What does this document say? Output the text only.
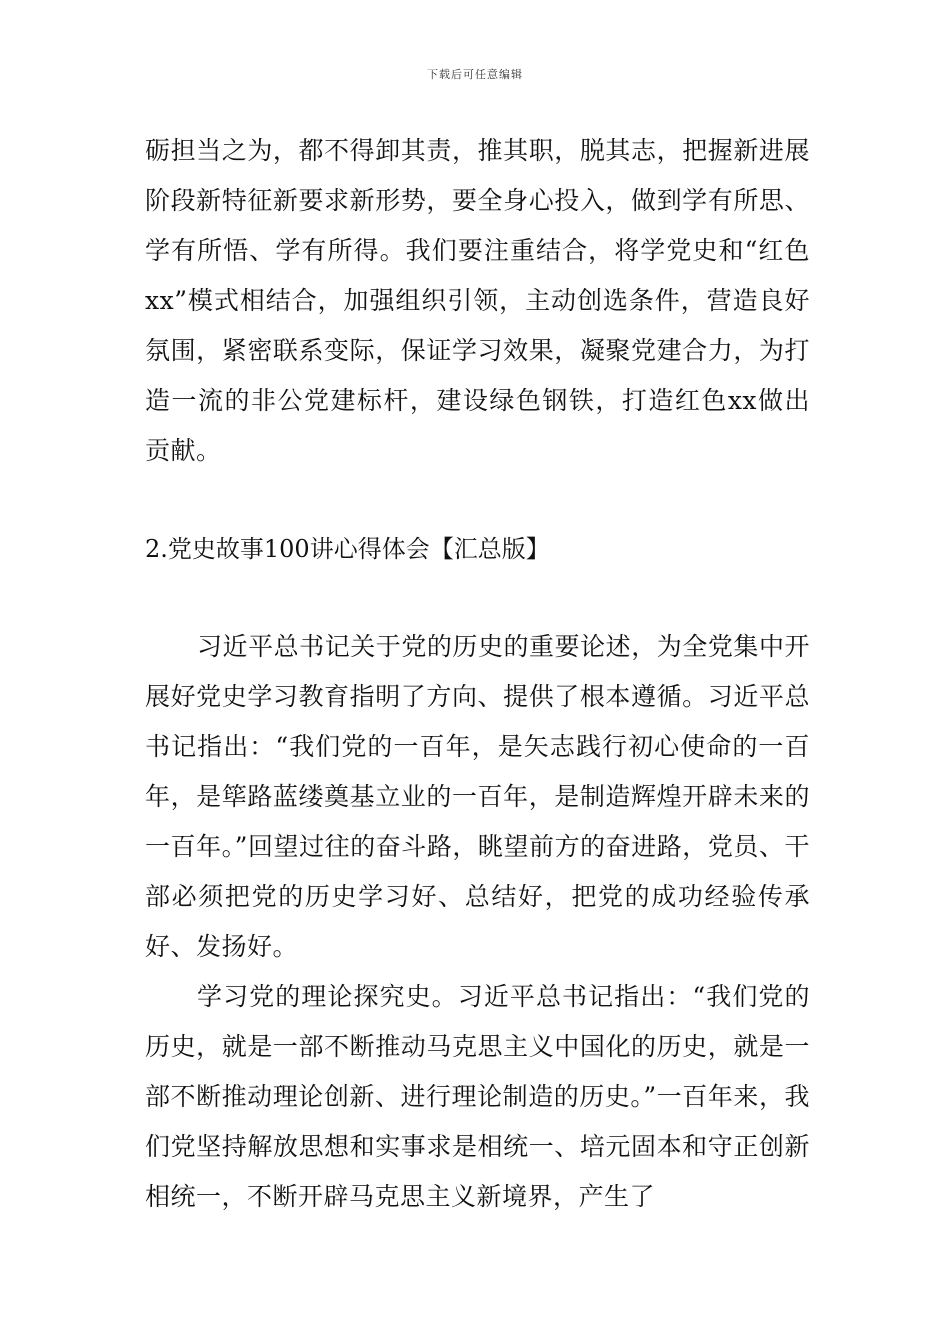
下载后可任意编辑

砺担当之为，都不得卸其责，推其职，脱其志，把握新进展阶段新特征新要求新形势，要全身心投入，做到学有所思、学有所悟、学有所得。我们要注重结合，将学党史和“红色xx”模式相结合，加强组织引领，主动创选条件，营造良好氛围，紧密联系变际，保证学习效果，凝聚党建合力，为打造一流的非公党建标杆，建设绿色钢铁，打造红色xx做出贡献。

2.党史故事100讲心得体会【汇总版】

习近平总书记关于党的历史的重要论述，为全党集中开展好党史学习教育指明了方向、提供了根本遵循。习近平总书记指出：“我们党的一百年，是矢志践行初心使命的一百年，是筚路蓝缕奠基立业的一百年，是制造辉煌开辟未来的一百年。”回望过往的奋斗路，眺望前方的奋进路，党员、干部必须把党的历史学习好、总结好，把党的成功经验传承好、发扬好。

学习党的理论探究史。习近平总书记指出：“我们党的历史，就是一部不断推动马克思主义中国化的历史，就是一部不断推动理论创新、进行理论制造的历史。”一百年来，我们党坚持解放思想和实事求是相统一、培元固本和守正创新相统一，不断开辟马克思主义新境界，产生了
